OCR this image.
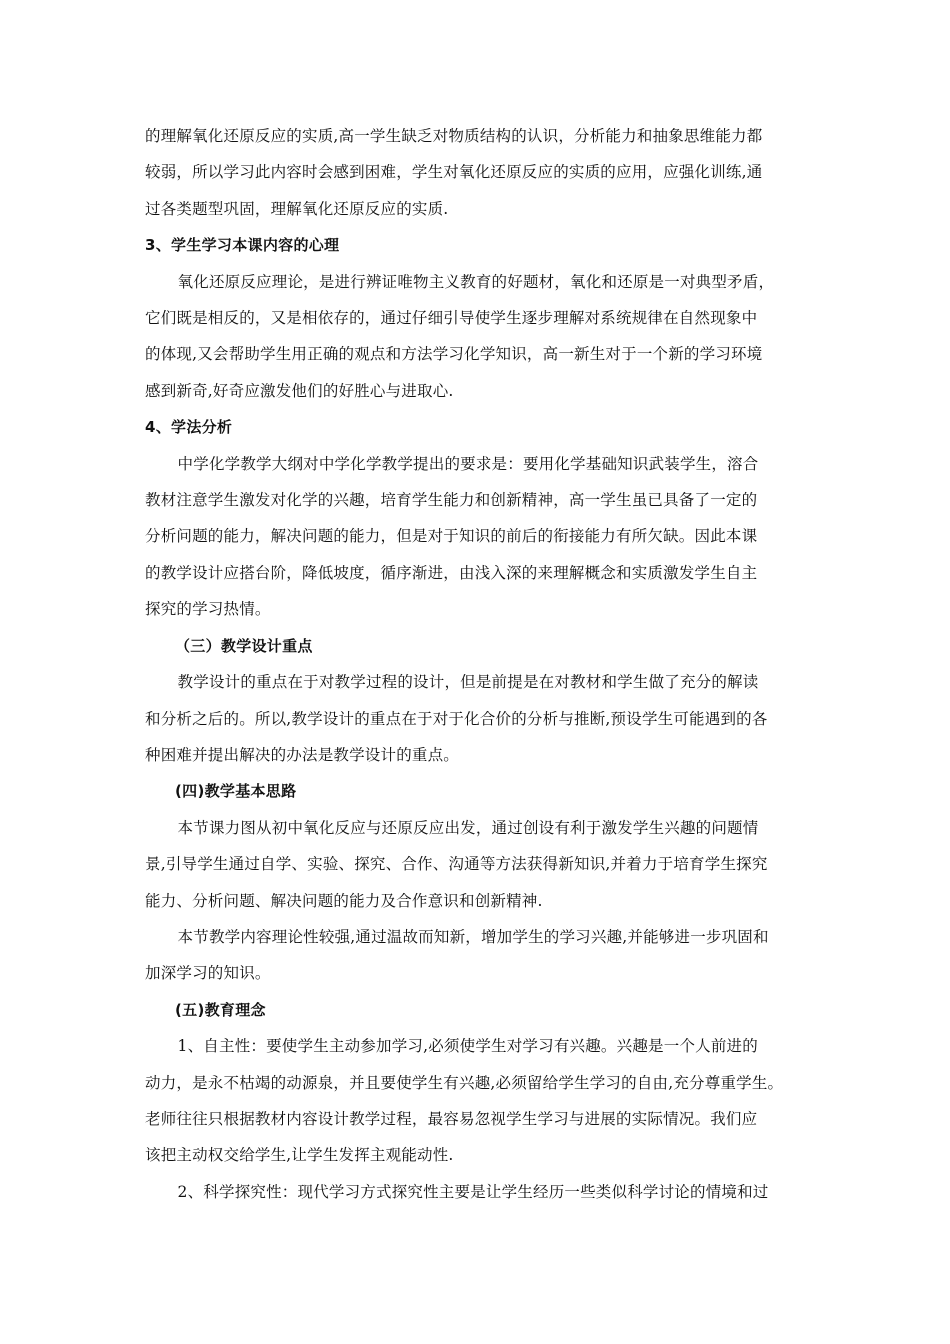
的理解氧化还原反应的实质,高一学生缺乏对物质结构的认识，分析能力和抽象思维能力都
较弱，所以学习此内容时会感到困难，学生对氧化还原反应的实质的应用，应强化训练,通
过各类题型巩固，理解氧化还原反应的实质.
3、学生学习本课内容的心理
氧化还原反应理论，是进行辨证唯物主义教育的好题材，氧化和还原是一对典型矛盾，
它们既是相反的，又是相依存的，通过仔细引导使学生逐步理解对系统规律在自然现象中
的体现,又会帮助学生用正确的观点和方法学习化学知识，高一新生对于一个新的学习环境
感到新奇,好奇应激发他们的好胜心与进取心.
4、学法分析
中学化学教学大纲对中学化学教学提出的要求是：要用化学基础知识武装学生，溶合
教材注意学生激发对化学的兴趣，培育学生能力和创新精神，高一学生虽已具备了一定的
分析问题的能力，解决问题的能力，但是对于知识的前后的衔接能力有所欠缺。因此本课
的教学设计应搭台阶，降低坡度，循序渐进，由浅入深的来理解概念和实质激发学生自主
探究的学习热情。
（三）教学设计重点
教学设计的重点在于对教学过程的设计，但是前提是在对教材和学生做了充分的解读
和分析之后的。所以,教学设计的重点在于对于化合价的分析与推断,预设学生可能遇到的各
种困难并提出解决的办法是教学设计的重点。
(四)教学基本思路
本节课力图从初中氧化反应与还原反应出发，通过创设有利于激发学生兴趣的问题情
景,引导学生通过自学、实验、探究、合作、沟通等方法获得新知识,并着力于培育学生探究
能力、分析问题、解决问题的能力及合作意识和创新精神.
本节教学内容理论性较强,通过温故而知新，增加学生的学习兴趣,并能够进一步巩固和
加深学习的知识。
(五)教育理念
1、自主性：要使学生主动参加学习,必须使学生对学习有兴趣。兴趣是一个人前进的
动力，是永不枯竭的动源泉，并且要使学生有兴趣,必须留给学生学习的自由,充分尊重学生。
老师往往只根据教材内容设计教学过程，最容易忽视学生学习与进展的实际情况。我们应
该把主动权交给学生,让学生发挥主观能动性.
2、科学探究性：现代学习方式探究性主要是让学生经历一些类似科学讨论的情境和过
